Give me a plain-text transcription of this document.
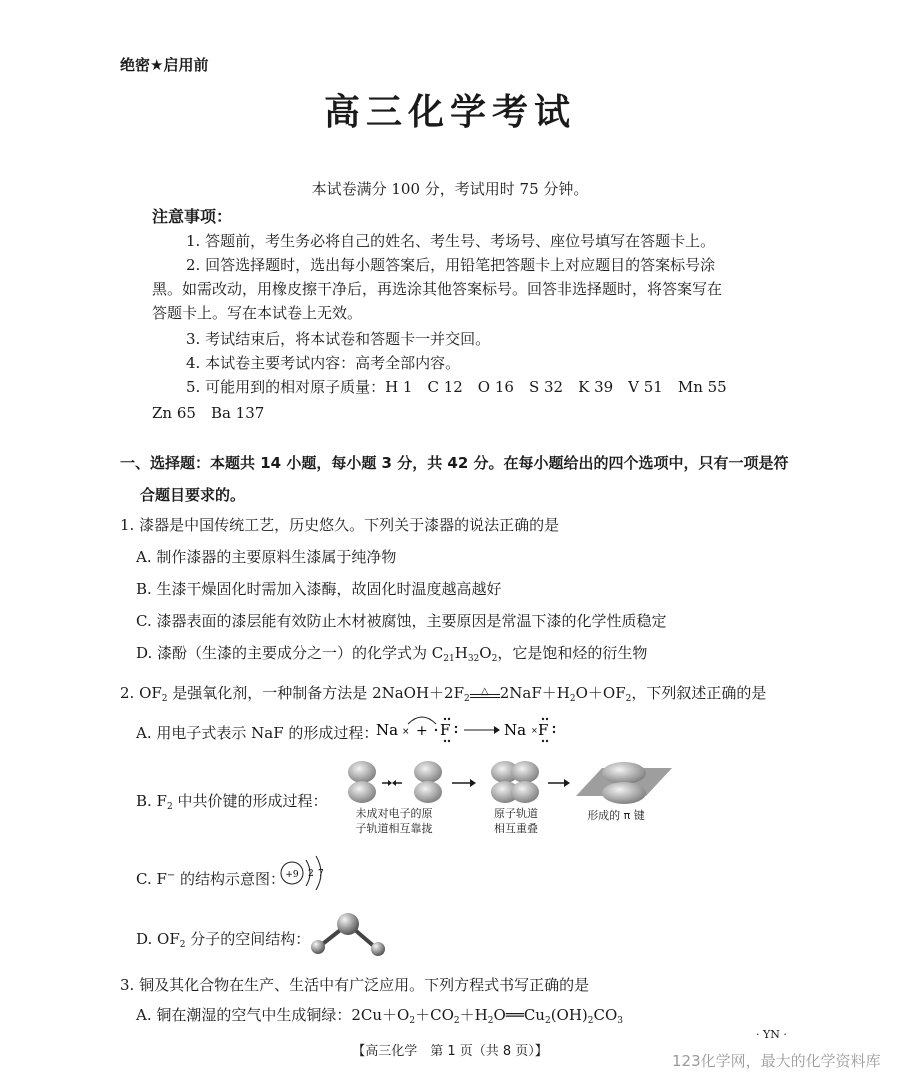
绝密★启用前
高三化学考试
本试卷满分 100 分，考试用时 75 分钟。
注意事项：
1. 答题前，考生务必将自己的姓名、考生号、考场号、座位号填写在答题卡上。
2. 回答选择题时，选出每小题答案后，用铅笔把答题卡上对应题目的答案标号涂
黑。如需改动，用橡皮擦干净后，再选涂其他答案标号。回答非选择题时，将答案写在
答题卡上。写在本试卷上无效。
3. 考试结束后，将本试卷和答题卡一并交回。
4. 本试卷主要考试内容：高考全部内容。
5. 可能用到的相对原子质量：H 1　C 12　O 16　S 32　K 39　V 51　Mn 55
Zn 65　Ba 137
一、选择题：本题共 14 小题，每小题 3 分，共 42 分。在每小题给出的四个选项中，只有一项是符
合题目要求的。
1. 漆器是中国传统工艺，历史悠久。下列关于漆器的说法正确的是
A. 制作漆器的主要原料生漆属于纯净物
B. 生漆干燥固化时需加入漆酶，故固化时温度越高越好
C. 漆器表面的漆层能有效防止木材被腐蚀，主要原因是常温下漆的化学性质稳定
D. 漆酚（生漆的主要成分之一）的化学式为 $C_{21}H_{32}O_2$，它是饱和烃的衍生物
2. $OF_2$ 是强氧化剂，一种制备方法是 $2NaOH+2F_2$
△ $2NaF+H_2O+OF_2$，下列叙述正确的是
A. 用电子式表示 NaF 的形成过程：
Na × + F	Na F
×
B. $F_2$ 中共价键的形成过程：
未成对电子的原
子轨道相互靠拢
原子轨道
相互重叠
形成的 π 键
C. F− 的结构示意图： +9 2 7
D. $OF_2$ 分子的空间结构：
3. 铜及其化合物在生产、生活中有广泛应用。下列方程式书写正确的是
A. 铜在潮湿的空气中生成铜绿：$2Cu+O_2+CO_2+H_2O══Cu_2(OH)_2CO_3$
【高三化学　第 1 页（共 8 页）】
· YN ·
123化学网，最大的化学资料库
